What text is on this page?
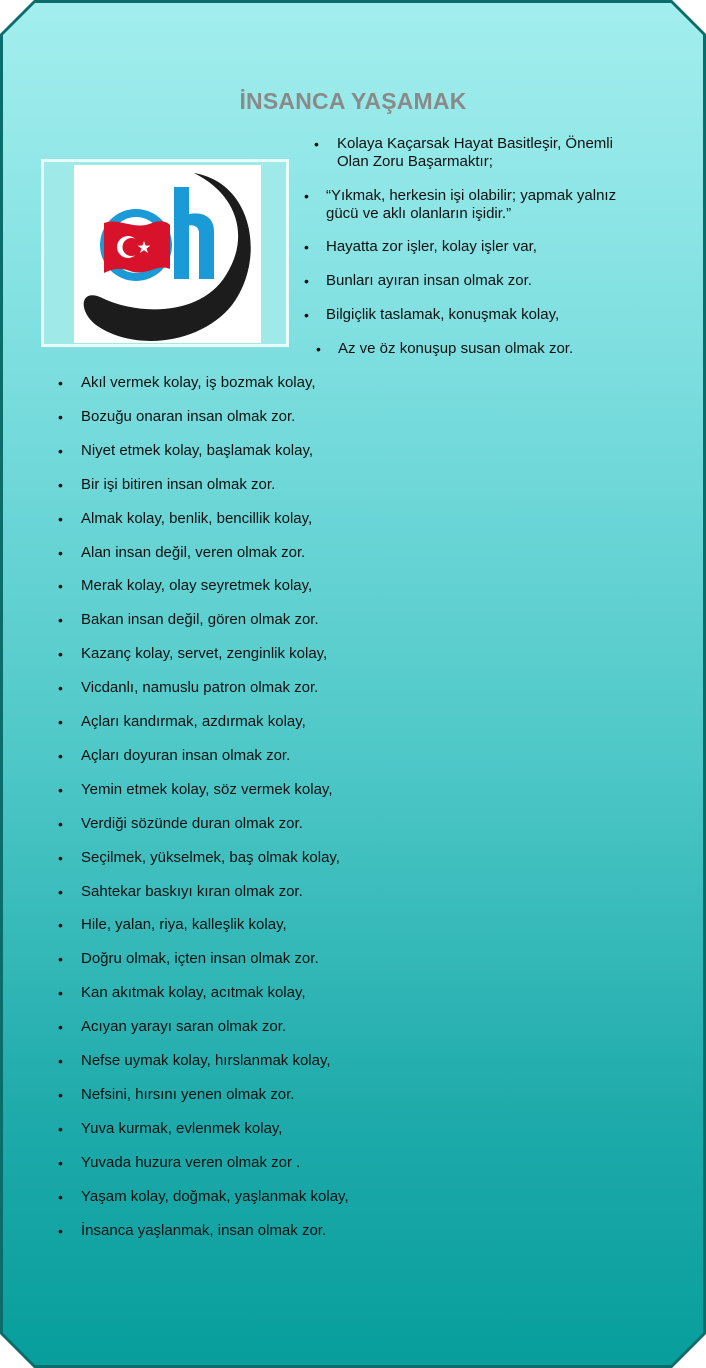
İNSANCA YAŞAMAK
• Kolaya Kaçarsak Hayat Basitleşir, Önemli
Olan Zoru Başarmaktır;
• “Yıkmak, herkesin işi olabilir; yapmak yalnız
gücü ve aklı olanların işidir.”
• Hayatta zor işler, kolay işler var,
• Bunları ayıran insan olmak zor.
• Bilgiçlik taslamak, konuşmak kolay,
• Az ve öz konuşup susan olmak zor.
• Akıl vermek kolay, iş bozmak kolay,
• Bozuğu onaran insan olmak zor.
• Niyet etmek kolay, başlamak kolay,
• Bir işi bitiren insan olmak zor.
• Almak kolay, benlik, bencillik kolay,
• Alan insan değil, veren olmak zor.
• Merak kolay, olay seyretmek kolay,
• Bakan insan değil, gören olmak zor.
• Kazanç kolay, servet, zenginlik kolay,
• Vicdanlı, namuslu patron olmak zor.
• Açları kandırmak, azdırmak kolay,
• Açları doyuran insan olmak zor.
• Yemin etmek kolay, söz vermek kolay,
• Verdiği sözünde duran olmak zor.
• Seçilmek, yükselmek, baş olmak kolay,
• Sahtekar baskıyı kıran olmak zor.
• Hile, yalan, riya, kalleşlik kolay,
• Doğru olmak, içten insan olmak zor.
• Kan akıtmak kolay, acıtmak kolay,
• Acıyan yarayı saran olmak zor.
• Nefse uymak kolay, hırslanmak kolay,
• Nefsini, hırsını yenen olmak zor.
• Yuva kurmak, evlenmek kolay,
• Yuvada huzura veren olmak zor .
• Yaşam kolay, doğmak, yaşlanmak kolay,
• İnsanca yaşlanmak, insan olmak zor.
